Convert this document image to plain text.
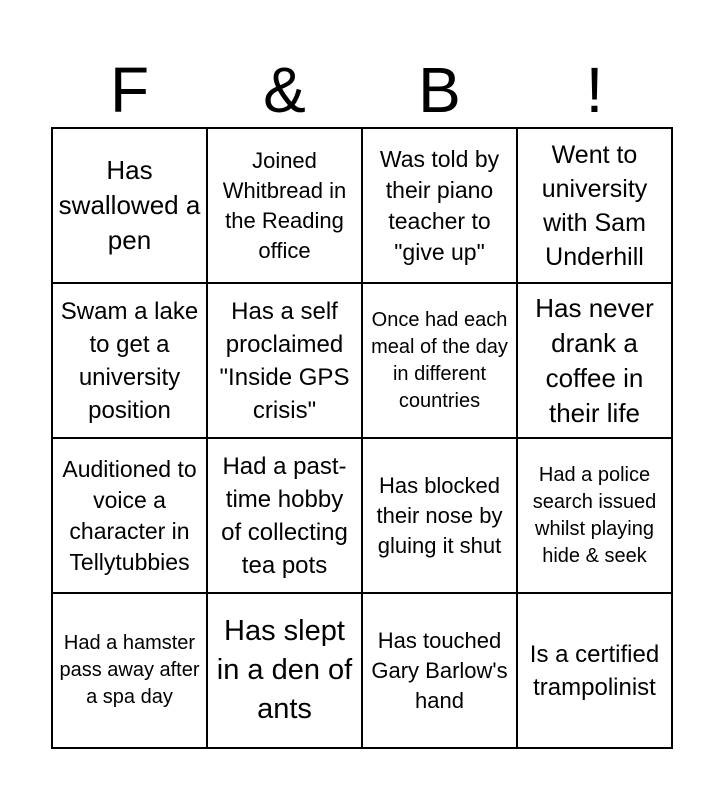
F	&	B	!
Has swallowed a pen
Joined Whitbread in the Reading office
Was told by their piano teacher to "give up"
Went to university with Sam Underhill
Swam a lake to get a university position
Has a self proclaimed "Inside GPS crisis"
Once had each meal of the day in different countries
Has never drank a coffee in their life
Auditioned to voice a character in Tellytubbies
Had a past-time hobby of collecting tea pots
Has blocked their nose by gluing it shut
Had a police search issued whilst playing hide & seek
Had a hamster pass away after a spa day
Has slept in a den of ants
Has touched Gary Barlow's hand
Is a certified trampolinist
